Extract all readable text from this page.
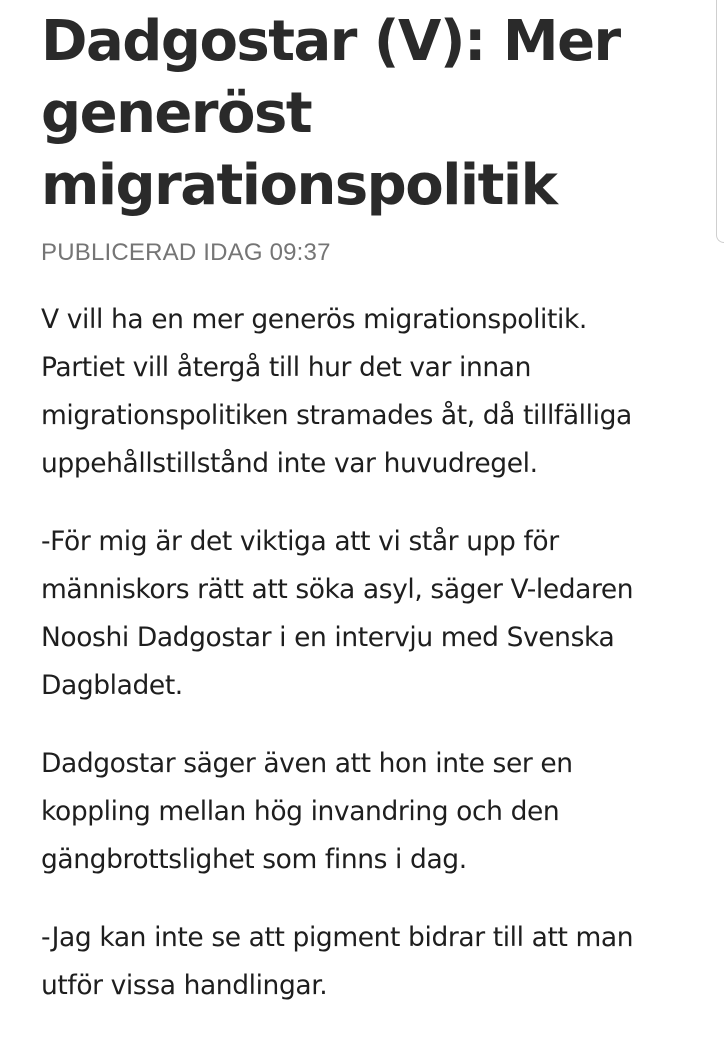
Dadgostar (V): Mer
generöst
migrationspolitik
PUBLICERAD IDAG 09:37

V vill ha en mer generös migrationspolitik.
Partiet vill återgå till hur det var innan
migrationspolitiken stramades åt, då tillfälliga
uppehållstillstånd inte var huvudregel.

-För mig är det viktiga att vi står upp för
människors rätt att söka asyl, säger V-ledaren
Nooshi Dadgostar i en intervju med Svenska
Dagbladet.

Dadgostar säger även att hon inte ser en
koppling mellan hög invandring och den
gängbrottslighet som finns i dag.

-Jag kan inte se att pigment bidrar till att man
utför vissa handlingar.
